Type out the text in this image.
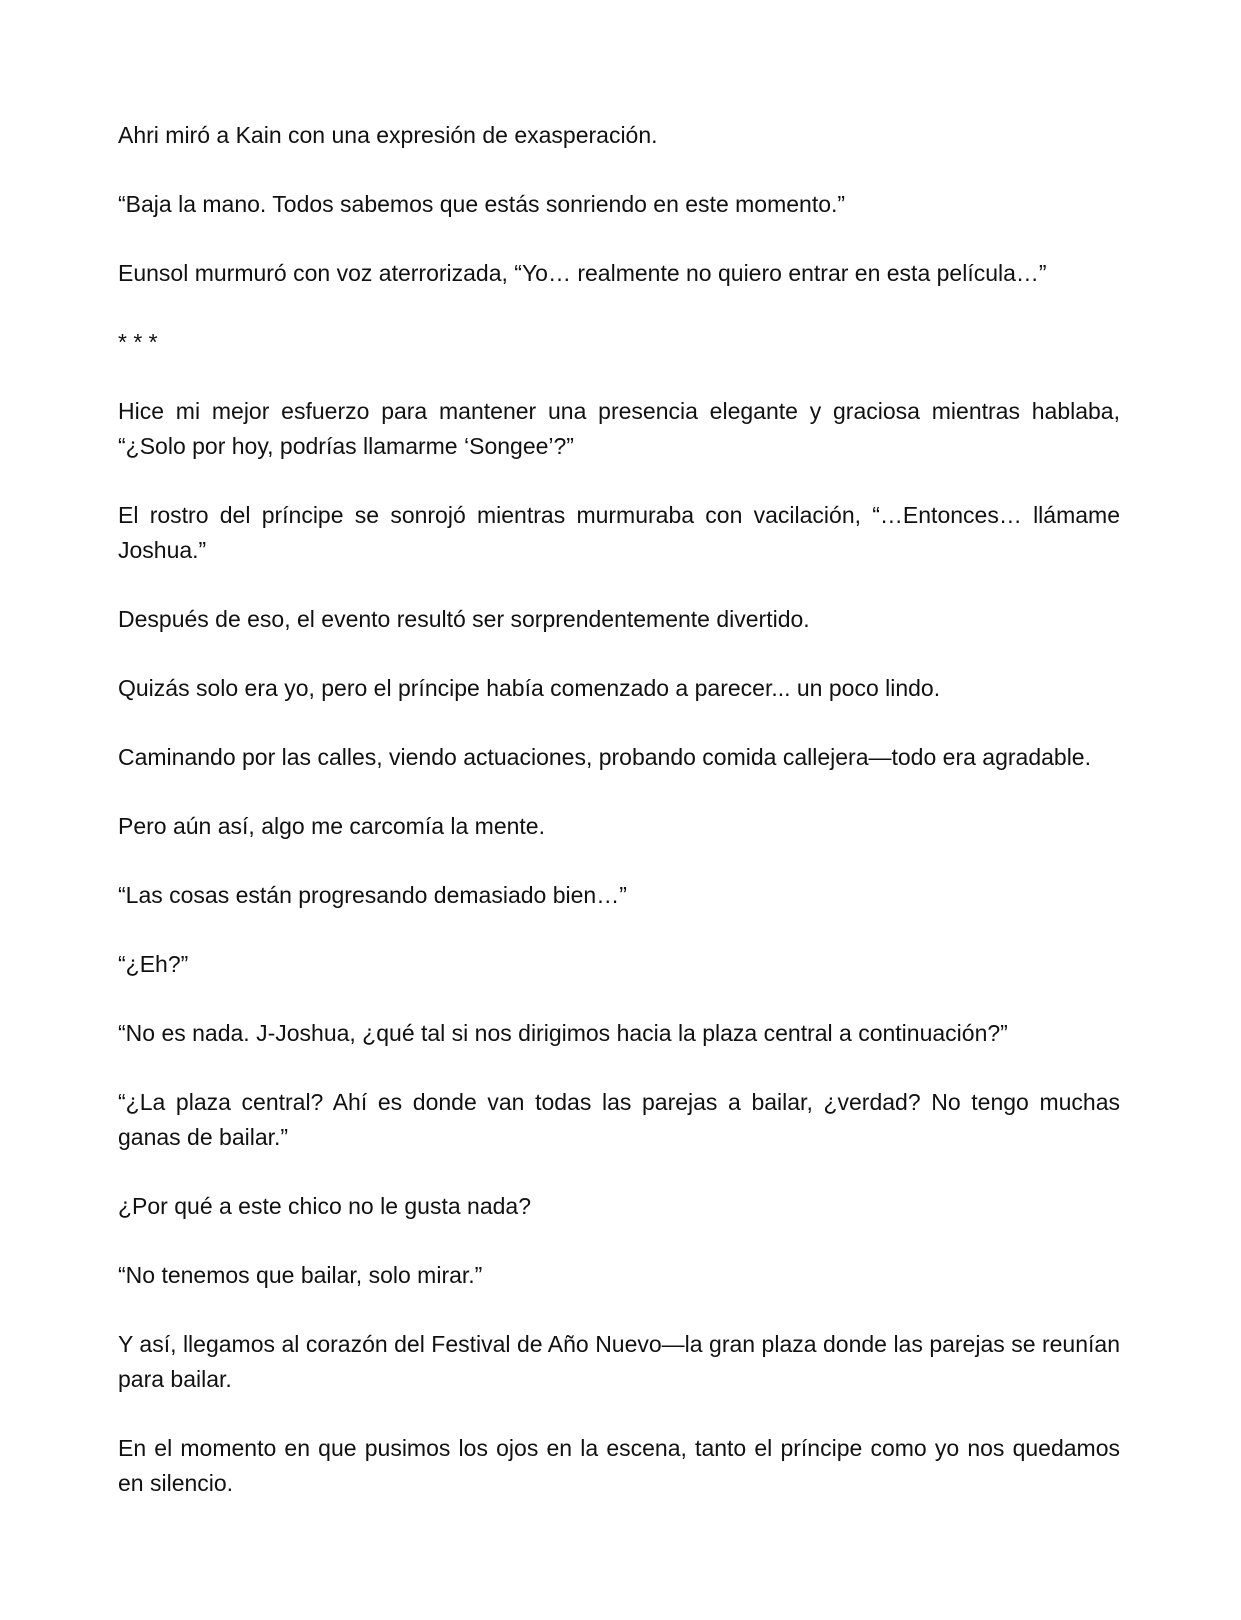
Ahri miró a Kain con una expresión de exasperación.

“Baja la mano. Todos sabemos que estás sonriendo en este momento.”

Eunsol murmuró con voz aterrorizada, “Yo… realmente no quiero entrar en esta película…”

* * *

Hice mi mejor esfuerzo para mantener una presencia elegante y graciosa mientras hablaba, “¿Solo por hoy, podrías llamarme ‘Songee’?”

El rostro del príncipe se sonrojó mientras murmuraba con vacilación, “…Entonces… llámame Joshua.”

Después de eso, el evento resultó ser sorprendentemente divertido.

Quizás solo era yo, pero el príncipe había comenzado a parecer... un poco lindo.

Caminando por las calles, viendo actuaciones, probando comida callejera—todo era agradable.

Pero aún así, algo me carcomía la mente.

“Las cosas están progresando demasiado bien…”

“¿Eh?”

“No es nada. J-Joshua, ¿qué tal si nos dirigimos hacia la plaza central a continuación?”

“¿La plaza central? Ahí es donde van todas las parejas a bailar, ¿verdad? No tengo muchas ganas de bailar.”

¿Por qué a este chico no le gusta nada?

“No tenemos que bailar, solo mirar.”

Y así, llegamos al corazón del Festival de Año Nuevo—la gran plaza donde las parejas se reunían para bailar.

En el momento en que pusimos los ojos en la escena, tanto el príncipe como yo nos quedamos en silencio.
